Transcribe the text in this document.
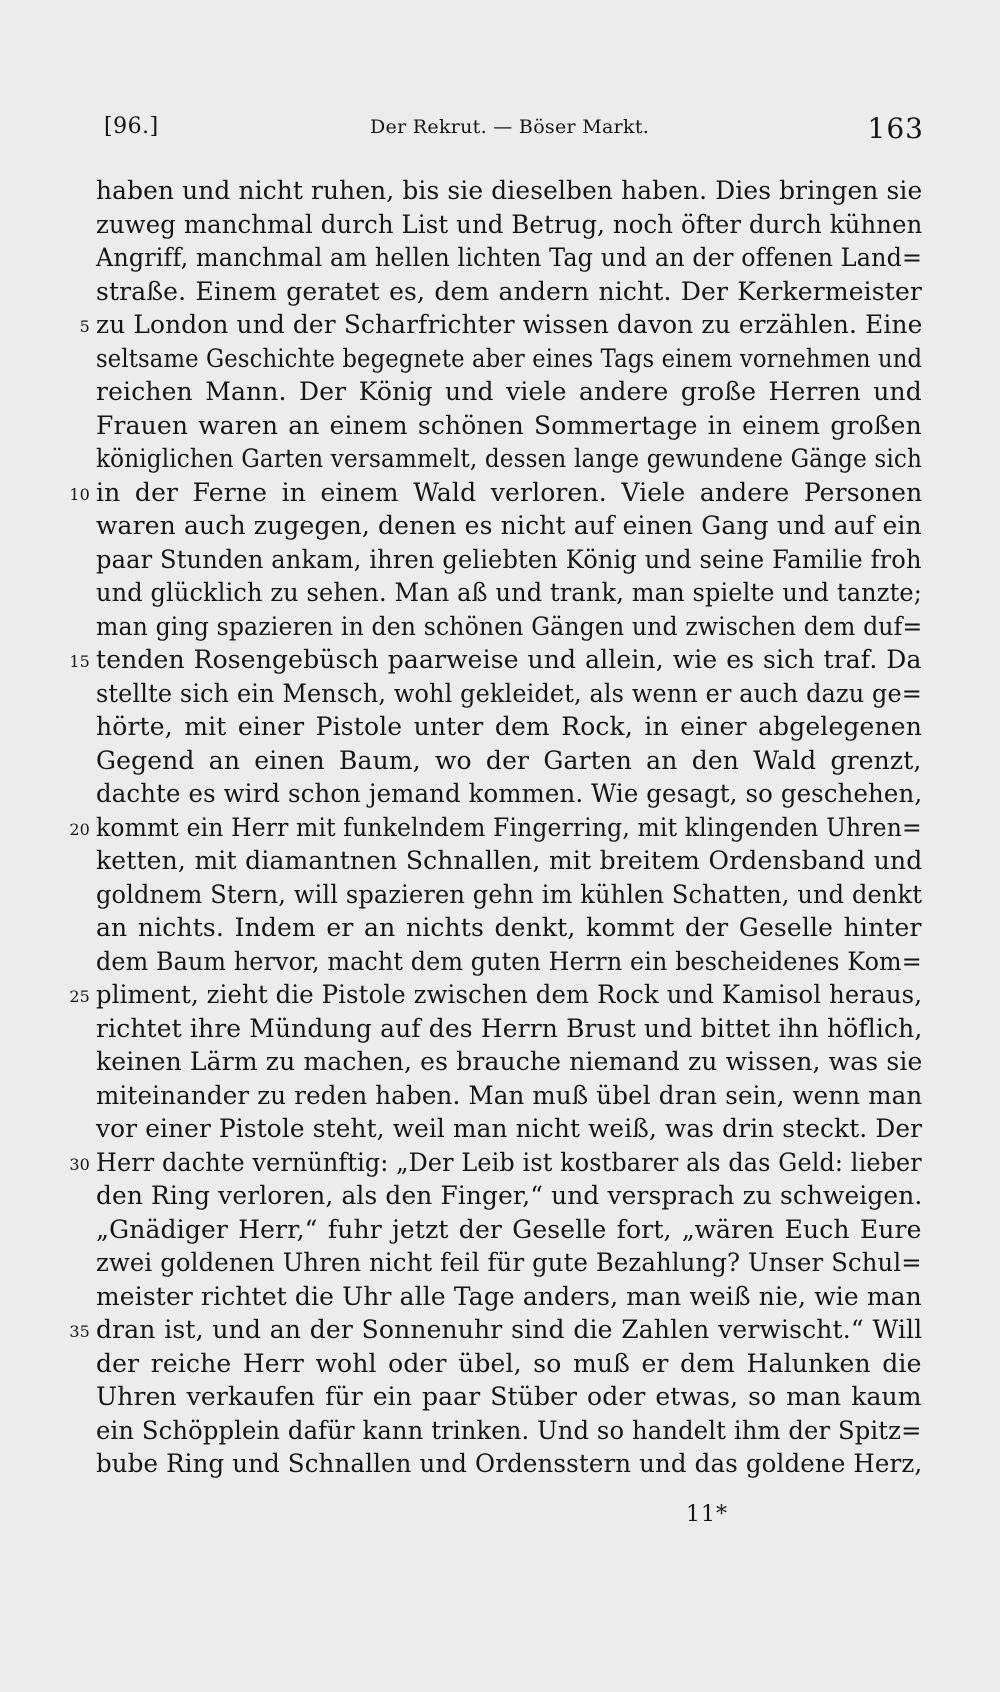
[96.]	Der Rekrut. — Böser Markt.	163
haben und nicht ruhen, bis sie dieselben haben. Dies bringen sie
zuweg manchmal durch List und Betrug, noch öfter durch kühnen
Angriff, manchmal am hellen lichten Tag und an der offenen Land=
straße. Einem geratet es, dem andern nicht. Der Kerkermeister
5 zu London und der Scharfrichter wissen davon zu erzählen. Eine
seltsame Geschichte begegnete aber eines Tags einem vornehmen und
reichen Mann. Der König und viele andere große Herren und
Frauen waren an einem schönen Sommertage in einem großen
königlichen Garten versammelt, dessen lange gewundene Gänge sich
10 in der Ferne in einem Wald verloren. Viele andere Personen
waren auch zugegen, denen es nicht auf einen Gang und auf ein
paar Stunden ankam, ihren geliebten König und seine Familie froh
und glücklich zu sehen. Man aß und trank, man spielte und tanzte;
man ging spazieren in den schönen Gängen und zwischen dem duf=
15 tenden Rosengebüsch paarweise und allein, wie es sich traf. Da
stellte sich ein Mensch, wohl gekleidet, als wenn er auch dazu ge=
hörte, mit einer Pistole unter dem Rock, in einer abgelegenen
Gegend an einen Baum, wo der Garten an den Wald grenzt,
dachte es wird schon jemand kommen. Wie gesagt, so geschehen,
20 kommt ein Herr mit funkelndem Fingerring, mit klingenden Uhren=
ketten, mit diamantnen Schnallen, mit breitem Ordensband und
goldnem Stern, will spazieren gehn im kühlen Schatten, und denkt
an nichts. Indem er an nichts denkt, kommt der Geselle hinter
dem Baum hervor, macht dem guten Herrn ein bescheidenes Kom=
25 pliment, zieht die Pistole zwischen dem Rock und Kamisol heraus,
richtet ihre Mündung auf des Herrn Brust und bittet ihn höflich,
keinen Lärm zu machen, es brauche niemand zu wissen, was sie
miteinander zu reden haben. Man muß übel dran sein, wenn man
vor einer Pistole steht, weil man nicht weiß, was drin steckt. Der
30 Herr dachte vernünftig: „Der Leib ist kostbarer als das Geld: lieber
den Ring verloren, als den Finger,“ und versprach zu schweigen.
„Gnädiger Herr,“ fuhr jetzt der Geselle fort, „wären Euch Eure
zwei goldenen Uhren nicht feil für gute Bezahlung? Unser Schul=
meister richtet die Uhr alle Tage anders, man weiß nie, wie man
35 dran ist, und an der Sonnenuhr sind die Zahlen verwischt.“ Will
der reiche Herr wohl oder übel, so muß er dem Halunken die
Uhren verkaufen für ein paar Stüber oder etwas, so man kaum
ein Schöpplein dafür kann trinken. Und so handelt ihm der Spitz=
bube Ring und Schnallen und Ordensstern und das goldene Herz,
11*
